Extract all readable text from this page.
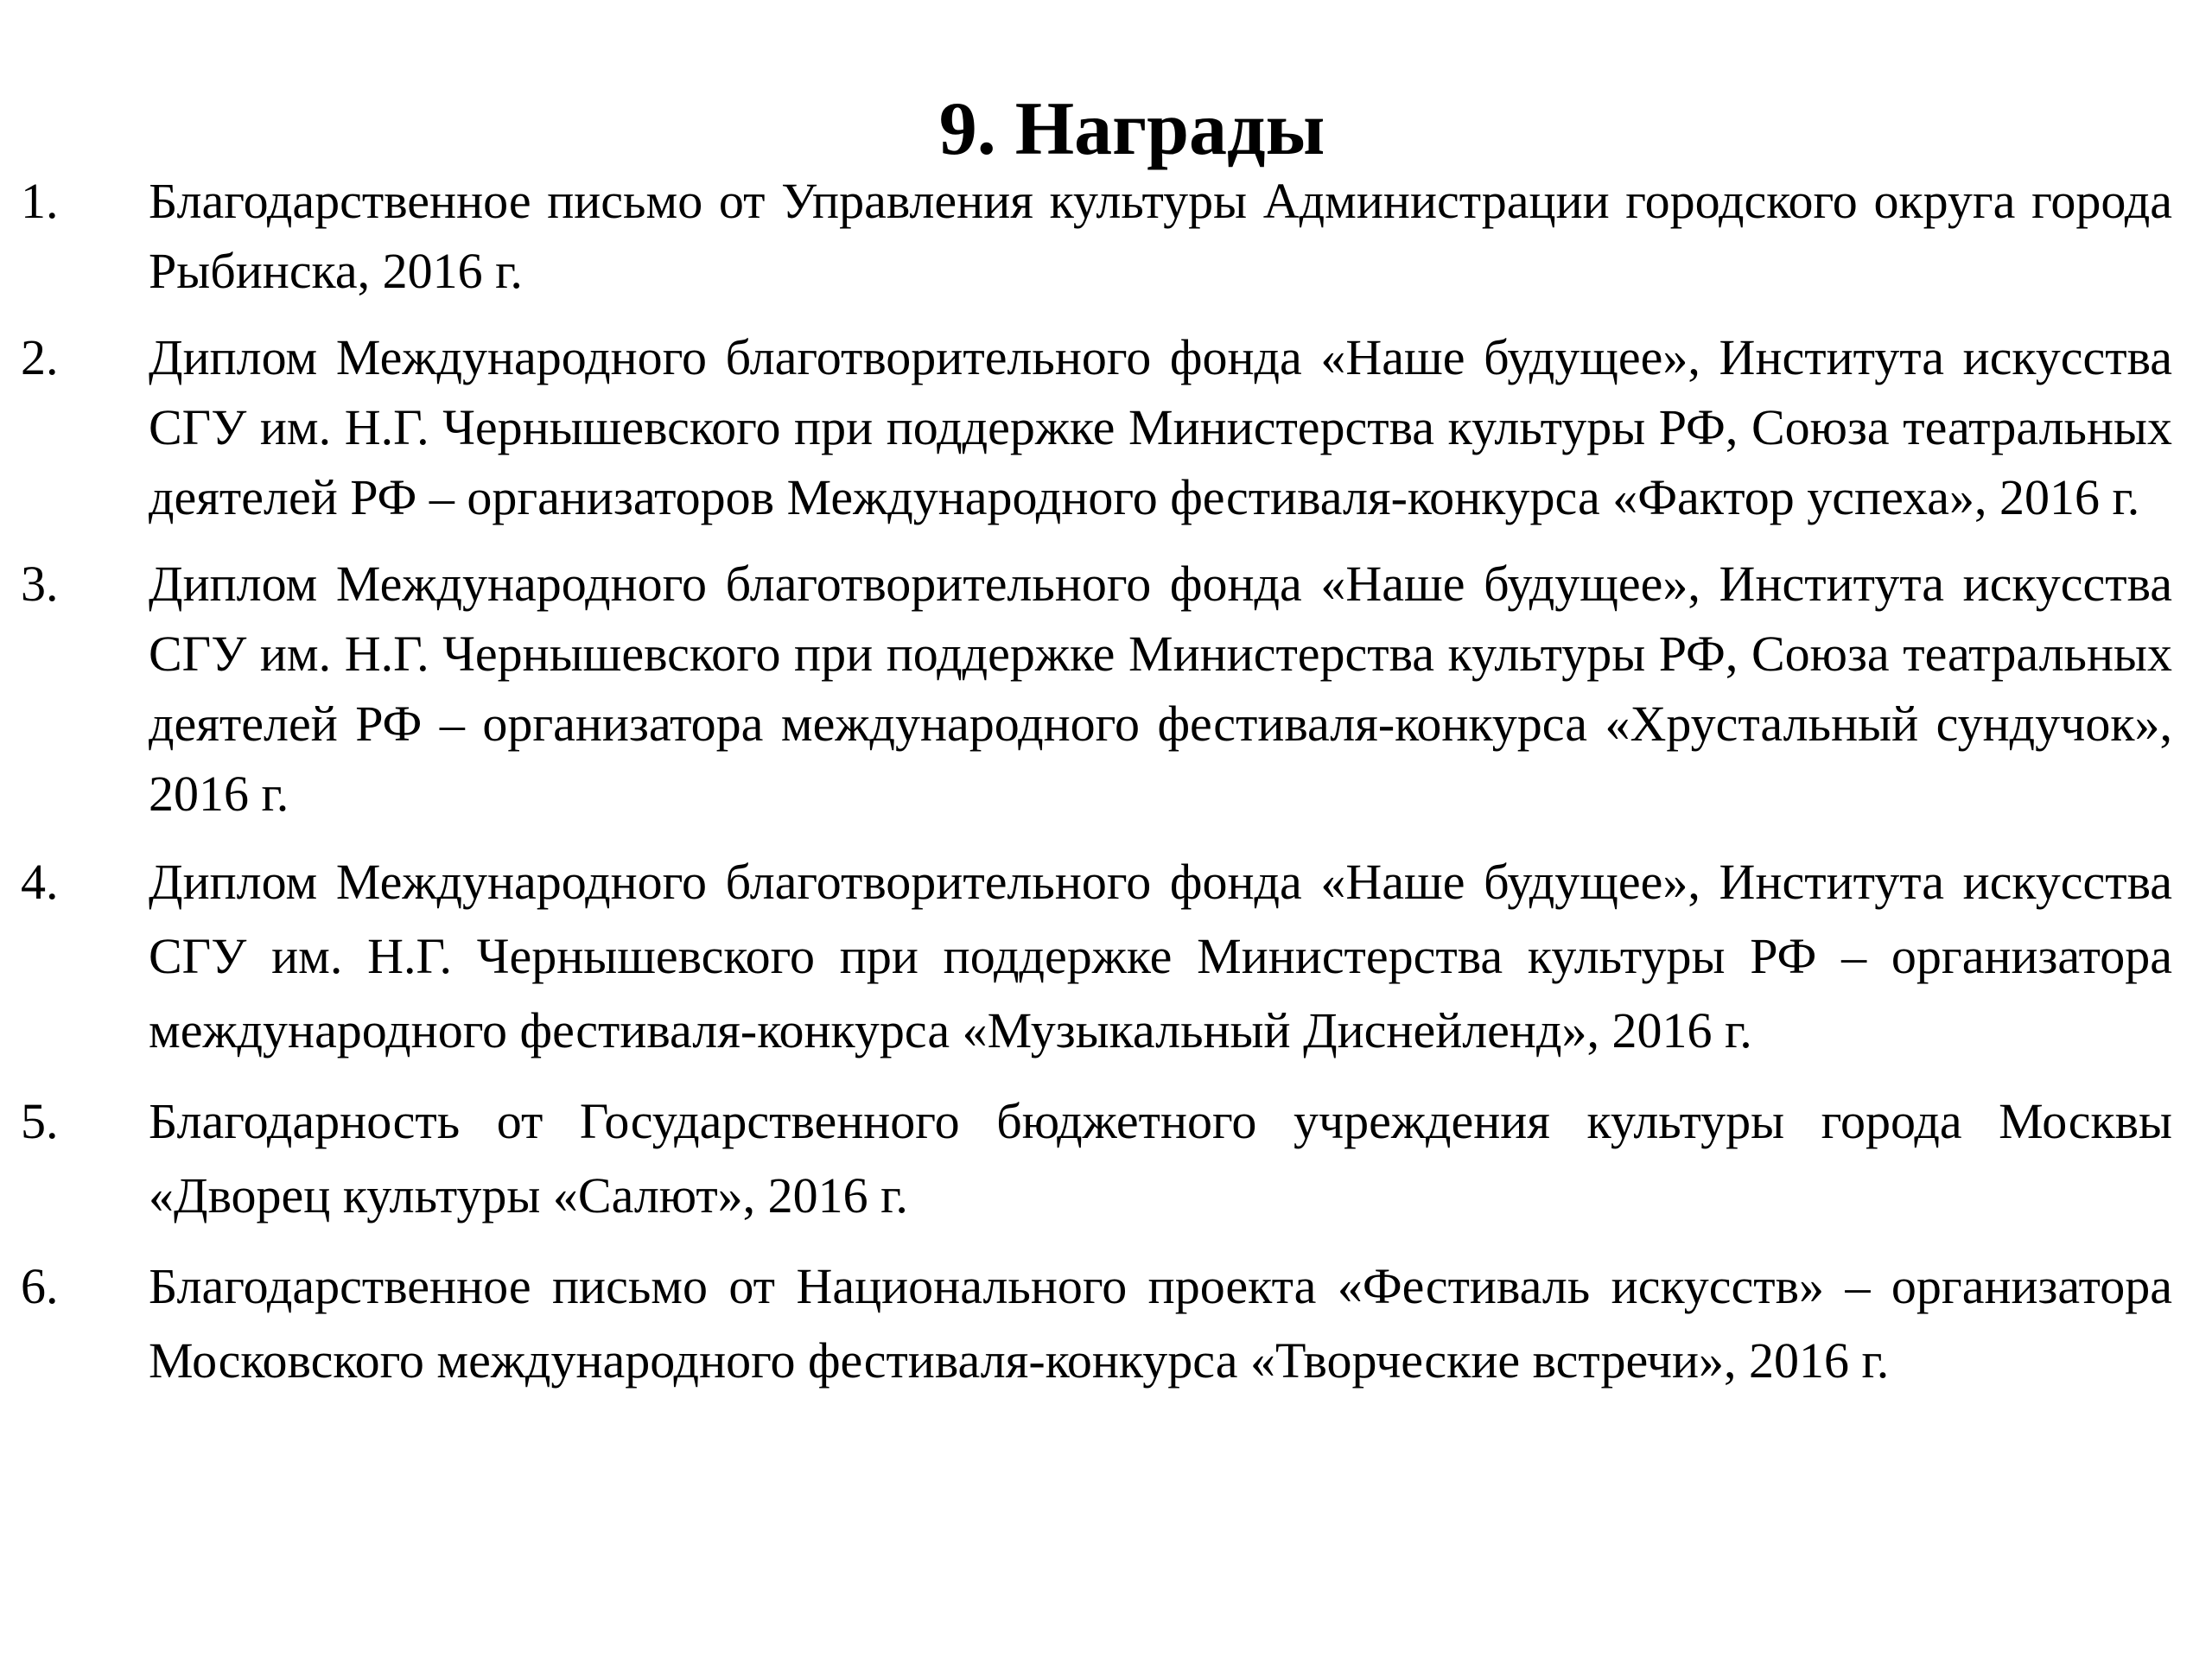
9. Награды
1. Благодарственное письмо от Управления культуры Администрации городского округа города Рыбинска, 2016 г.
2. Диплом Международного благотворительного фонда «Наше будущее», Института искусства СГУ им. Н.Г. Чернышевского при поддержке Министерства культуры РФ, Союза театральных деятелей РФ – организаторов Международного фестиваля-конкурса «Фактор успеха», 2016 г.
3. Диплом Международного благотворительного фонда «Наше будущее», Института искусства СГУ им. Н.Г. Чернышевского при поддержке Министерства культуры РФ, Союза театральных деятелей РФ – организатора международного фестиваля-конкурса «Хрустальный сундучок», 2016 г.
4. Диплом Международного благотворительного фонда «Наше будущее», Института искусства СГУ им. Н.Г. Чернышевского при поддержке Министерства культуры РФ – организатора международного фестиваля-конкурса «Музыкальный Диснейленд», 2016 г.
5. Благодарность от Государственного бюджетного учреждения культуры города Москвы «Дворец культуры «Салют», 2016 г.
6. Благодарственное письмо от Национального проекта «Фестиваль искусств» – организатора Московского международного фестиваля-конкурса «Творческие встречи», 2016 г.
